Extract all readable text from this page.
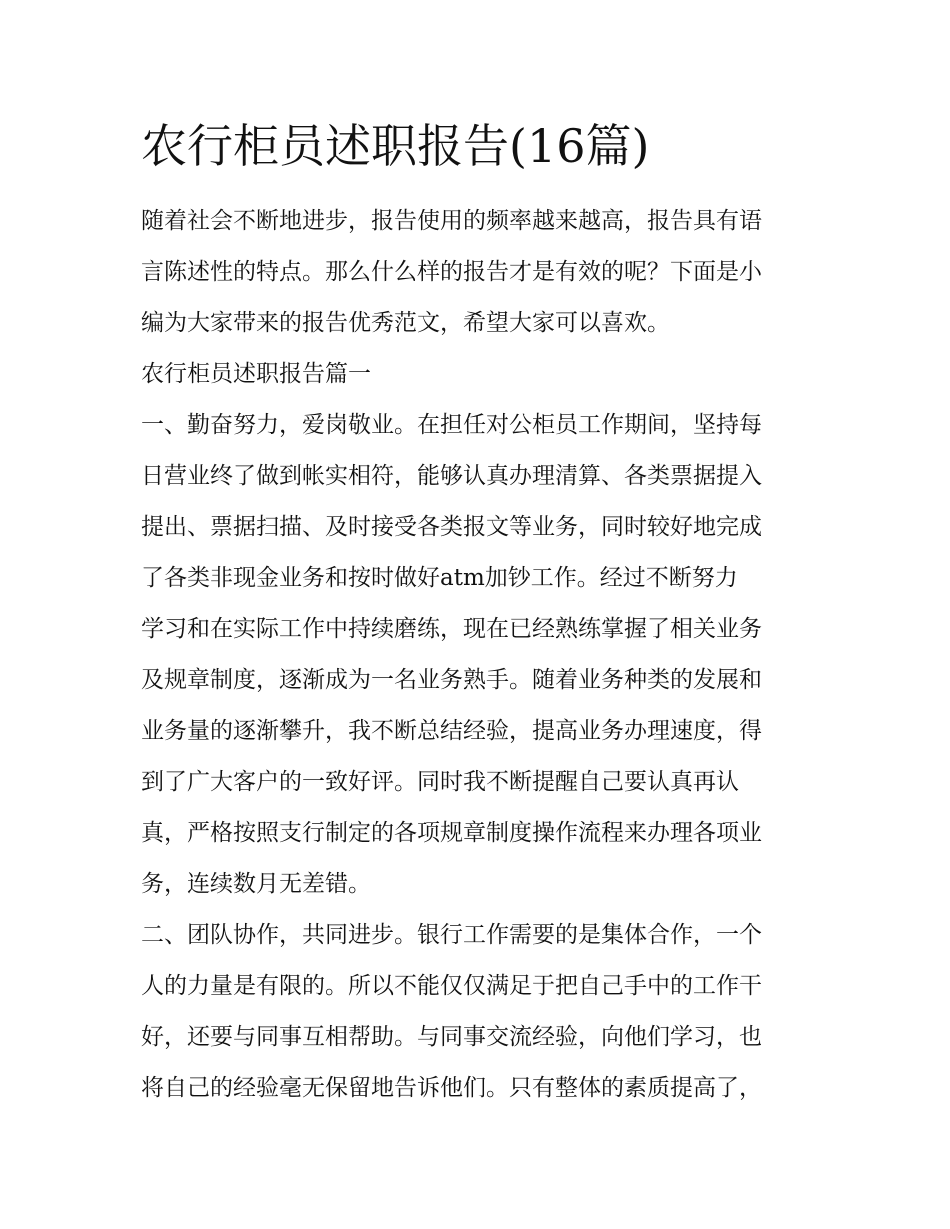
农行柜员述职报告(16篇)

随着社会不断地进步，报告使用的频率越来越高，报告具有语

言陈述性的特点。那么什么样的报告才是有效的呢？下面是小

编为大家带来的报告优秀范文，希望大家可以喜欢。

农行柜员述职报告篇一

一、勤奋努力，爱岗敬业。在担任对公柜员工作期间，坚持每

日营业终了做到帐实相符，能够认真办理清算、各类票据提入

提出、票据扫描、及时接受各类报文等业务，同时较好地完成

了各类非现金业务和按时做好atm加钞工作。经过不断努力

学习和在实际工作中持续磨练，现在已经熟练掌握了相关业务

及规章制度，逐渐成为一名业务熟手。随着业务种类的发展和

业务量的逐渐攀升，我不断总结经验，提高业务办理速度，得

到了广大客户的一致好评。同时我不断提醒自己要认真再认

真，严格按照支行制定的各项规章制度操作流程来办理各项业

务，连续数月无差错。

二、团队协作，共同进步。银行工作需要的是集体合作，一个

人的力量是有限的。所以不能仅仅满足于把自己手中的工作干

好，还要与同事互相帮助。与同事交流经验，向他们学习，也

将自己的经验毫无保留地告诉他们。只有整体的素质提高了，
